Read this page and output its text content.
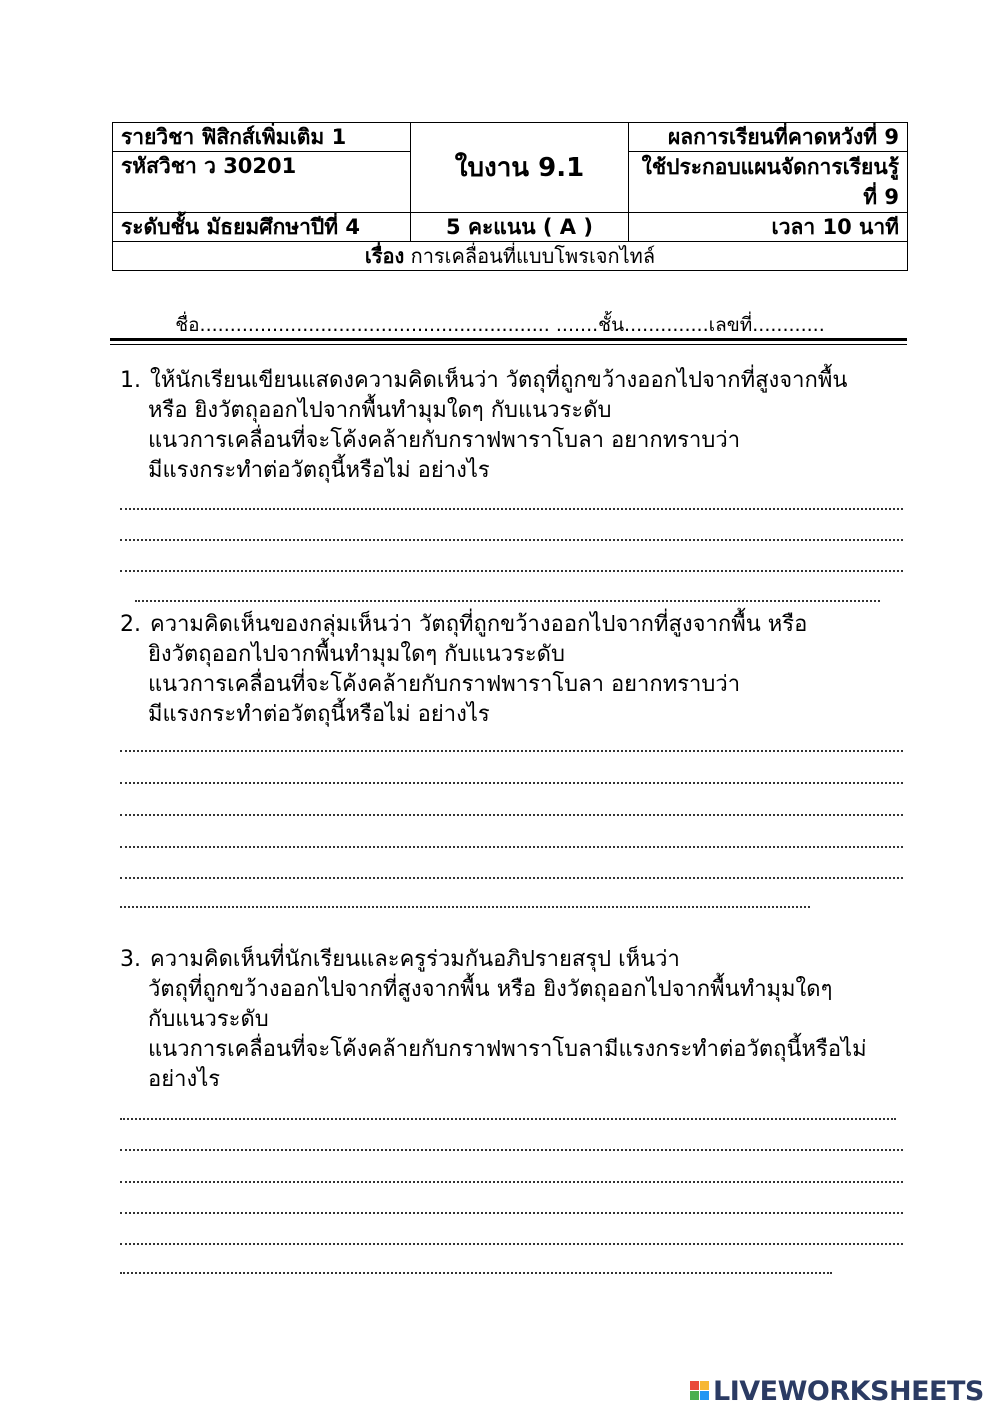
รายวิชา ฟิสิกส์เพิ่มเติม 1	ใบงาน 9.1	ผลการเรียนที่คาดหวังที่ 9
รหัสวิชา ว 30201		ใช้ประกอบแผนจัดการเรียนรู้ที่ 9
ระดับชั้น มัธยมศึกษาปีที่ 4	5 คะแนน ( A )	เวลา 10 นาที
เรื่อง การเคลื่อนที่แบบโพรเจกไทล์		
ชื่อ.......................................................... .......ชั้น..............เลขที่............
1. ให้นักเรียนเขียนแสดงความคิดเห็นว่า วัตถุที่ถูกขว้างออกไปจากที่สูงจากพื้น
หรือ ยิงวัตถุออกไปจากพื้นทำมุมใดๆ กับแนวระดับ
แนวการเคลื่อนที่จะโค้งคล้ายกับกราฟพาราโบลา อยากทราบว่า
มีแรงกระทำต่อวัตถุนี้หรือไม่ อย่างไร
2. ความคิดเห็นของกลุ่มเห็นว่า วัตถุที่ถูกขว้างออกไปจากที่สูงจากพื้น หรือ
ยิงวัตถุออกไปจากพื้นทำมุมใดๆ กับแนวระดับ
แนวการเคลื่อนที่จะโค้งคล้ายกับกราฟพาราโบลา อยากทราบว่า
มีแรงกระทำต่อวัตถุนี้หรือไม่ อย่างไร
3. ความคิดเห็นที่นักเรียนและครูร่วมกันอภิปรายสรุป เห็นว่า
วัตถุที่ถูกขว้างออกไปจากที่สูงจากพื้น หรือ ยิงวัตถุออกไปจากพื้นทำมุมใดๆ
กับแนวระดับ
แนวการเคลื่อนที่จะโค้งคล้ายกับกราฟพาราโบลามีแรงกระทำต่อวัตถุนี้หรือไม่
อย่างไร

LIVEWORKSHEETS
